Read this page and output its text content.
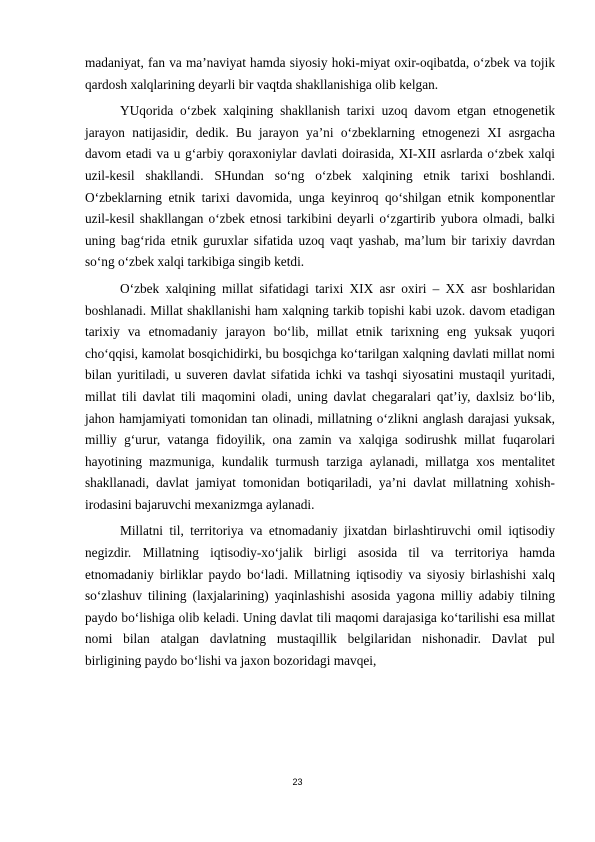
madaniyat, fan va ma’naviyat hamda siyosiy hoki-miyat oxir-oqibatda, o‘zbek va tojik qardosh xalqlarining deyarli bir vaqtda shakllanishiga olib kelgan.

YUqorida o‘zbek xalqining shakllanish tarixi uzoq davom etgan etnogenetik jarayon natijasidir, dedik. Bu jarayon ya’ni o‘zbeklarning etnogenezi XI asrgacha davom etadi va u g‘arbiy qoraxoniylar davlati doirasida, XI-XII asrlarda o‘zbek xalqi uzil-kesil shakllandi. SHundan so‘ng o‘zbek xalqining etnik tarixi boshlandi. O‘zbeklarning etnik tarixi davomida, unga keyinroq qo‘shilgan etnik komponentlar uzil-kesil shakllangan o‘zbek etnosi tarkibini deyarli o‘zgartirib yubora olmadi, balki uning bag‘rida etnik guruxlar sifatida uzoq vaqt yashab, ma’lum bir tarixiy davrdan so‘ng o‘zbek xalqi tarkibiga singib ketdi.

O‘zbek xalqining millat sifatidagi tarixi XIX asr oxiri – XX asr boshlaridan boshlanadi. Millat shakllanishi ham xalqning tarkib topishi kabi uzok. davom etadigan tarixiy va etnomadaniy jarayon bo‘lib, millat etnik tarixning eng yuksak yuqori cho‘qqisi, kamolat bosqichidirki, bu bosqichga ko‘tarilgan xalqning davlati millat nomi bilan yuritiladi, u suveren davlat sifatida ichki va tashqi siyosatini mustaqil yuritadi, millat tili davlat tili maqomini oladi, uning davlat chegaralari qat’iy, daxlsiz bo‘lib, jahon hamjamiyati tomonidan tan olinadi, millatning o‘zlikni anglash darajasi yuksak, milliy g‘urur, vatanga fidoyilik, ona zamin va xalqiga sodirushk millat fuqarolari hayotining mazmuniga, kundalik turmush tarziga aylanadi, millatga xos mentalitet shakllanadi, davlat jamiyat tomonidan botiqariladi, ya’ni davlat millatning xohish-irodasini bajaruvchi mexanizmga aylanadi.

Millatni til, territoriya va etnomadaniy jixatdan birlashtiruvchi omil iqtisodiy negizdir. Millatning iqtisodiy-xo‘jalik birligi asosida til va territoriya hamda etnomadaniy birliklar paydo bo‘ladi. Millatning iqtisodiy va siyosiy birlashishi xalq so‘zlashuv tilining (laxjalarining) yaqinlashishi asosida yagona milliy adabiy tilning paydo bo‘lishiga olib keladi. Uning davlat tili maqomi darajasiga ko‘tarilishi esa millat nomi bilan atalgan davlatning mustaqillik belgilaridan nishonadir. Davlat pul birligining paydo bo‘lishi va jaxon bozoridagi mavqei,

23
